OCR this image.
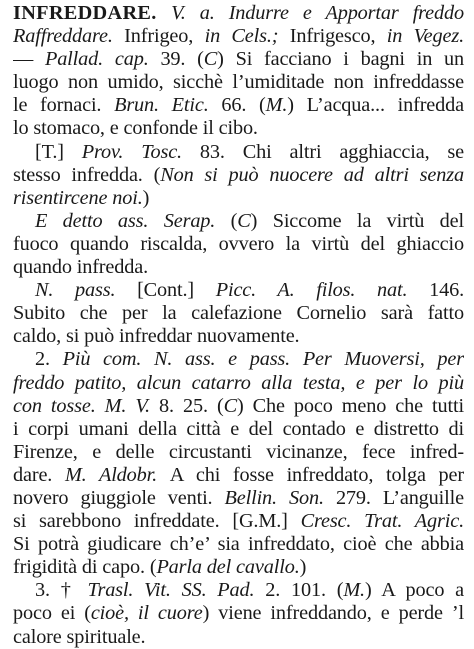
INFREDDARE. V. a. Indurre e Apportar freddo
Raffreddare. Infrigeo, in Cels.; Infrigesco, in Vegez.
— Pallad. cap. 39. (C) Si facciano i bagni in un
luogo non umido, sicchè l’umiditade non infreddasse
le fornaci. Brun. Etic. 66. (M.) L’acqua... infredda
lo stomaco, e confonde il cibo.
[T.] Prov. Tosc. 83. Chi altri agghiaccia, se
stesso infredda. (Non si può nuocere ad altri senza
risentircene noi.)
E detto ass. Serap. (C) Siccome la virtù del
fuoco quando riscalda, ovvero la virtù del ghiaccio
quando infredda.
N. pass. [Cont.] Picc. A. filos. nat. 146.
Subito che per la calefazione Cornelio sarà fatto
caldo, si può infreddar nuovamente.
2. Più com. N. ass. e pass. Per Muoversi, per
freddo patito, alcun catarro alla testa, e per lo più
con tosse. M. V. 8. 25. (C) Che poco meno che tutti
i corpi umani della città e del contado e distretto di
Firenze, e delle circustanti vicinanze, fece infred-
dare. M. Aldobr. A chi fosse infreddato, tolga per
novero giuggiole venti. Bellin. Son. 279. L’anguille
si sarebbono infreddate. [G.M.] Cresc. Trat. Agric.
Si potrà giudicare ch’e’ sia infreddato, cioè che abbia
frigidità di capo. (Parla del cavallo.)
3. † Trasl. Vit. SS. Pad. 2. 101. (M.) A poco a
poco ei (cioè, il cuore) viene infreddando, e perde ’l
calore spirituale.
